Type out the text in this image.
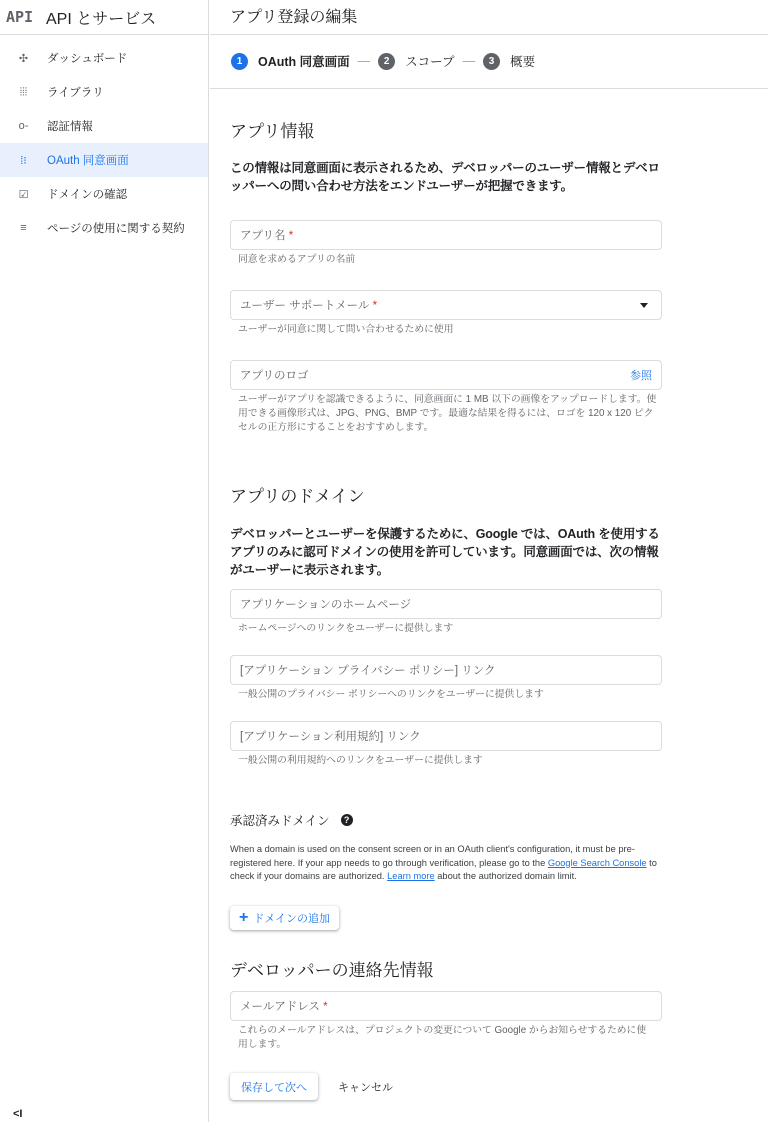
API API とサービス
✣	ダッシュボード
⦙⦙⦙	ライブラリ
o‑	認証情報
⁞⁝	OAuth 同意画面
☑	ドメインの確認
≡	ページの使用に関する契約
<I
アプリ登録の編集
1	OAuth 同意画面 —	2	スコープ —	3	概要
アプリ情報
この情報は同意画面に表示されるため、デベロッパーのユーザー情報とデベロッパーへの問い合わせ方法をエンドユーザーが把握できます。
アプリ名 *
同意を求めるアプリの名前
ユーザー サポートメール *
ユーザーが同意に関して問い合わせるために使用
アプリのロゴ	参照
ユーザーがアプリを認識できるように、同意画面に 1 MB 以下の画像をアップロードします。使用できる画像形式は、JPG、PNG、BMP です。最適な結果を得るには、ロゴを 120 x 120 ピクセルの正方形にすることをおすすめします。
アプリのドメイン
デベロッパーとユーザーを保護するために、Google では、OAuth を使用するアプリのみに認可ドメインの使用を許可しています。同意画面では、次の情報がユーザーに表示されます。
アプリケーションのホームページ
ホームページへのリンクをユーザーに提供します
[アプリケーション プライバシー ポリシー] リンク
一般公開のプライバシー ポリシーへのリンクをユーザーに提供します
[アプリケーション利用規約] リンク
一般公開の利用規約へのリンクをユーザーに提供します
承認済みドメイン	?
When a domain is used on the consent screen or in an OAuth client's configuration, it must be pre-registered here. If your app needs to go through verification, please go to the Google Search Console to check if your domains are authorized. Learn more about the authorized domain limit.
+ ドメインの追加
デベロッパーの連絡先情報
メールアドレス *
これらのメールアドレスは、プロジェクトの変更について Google からお知らせするために使用します。
保存して次へ	キャンセル
